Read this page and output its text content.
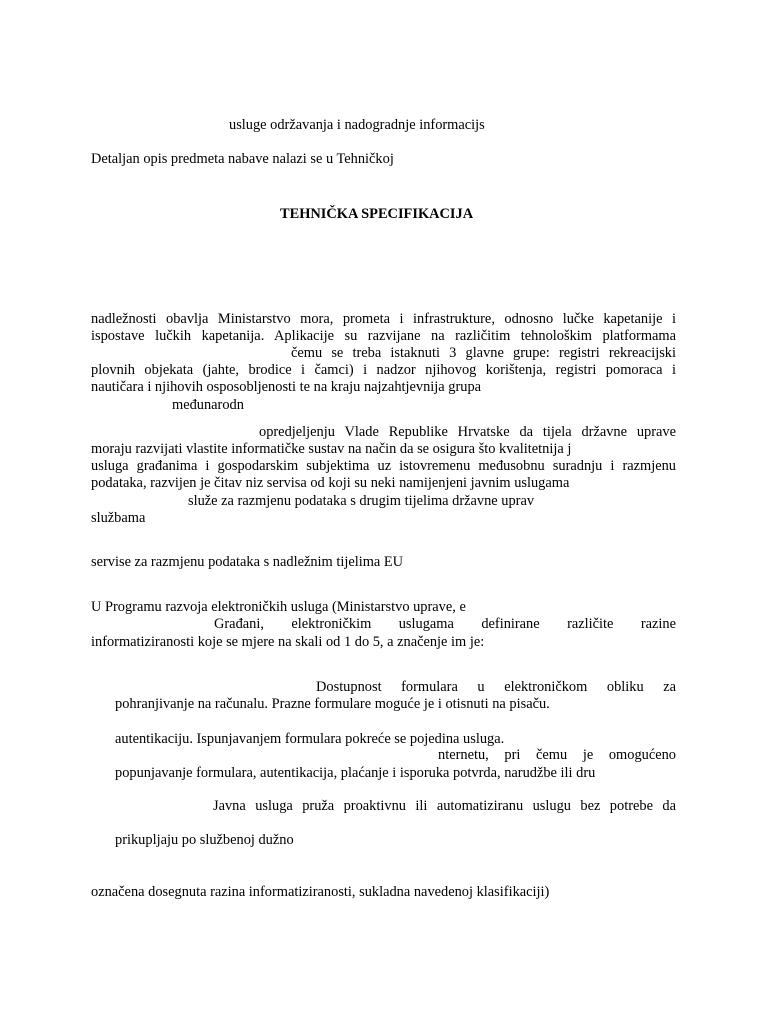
usluge održavanja i nadogradnje informacijs

Detaljan opis predmeta nabave nalazi se u Tehničkoj

TEHNIČKA SPECIFIKACIJA

nadležnosti obavlja Ministarstvo mora, prometa i infrastrukture, odnosno lučke kapetanije i

ispostave lučkih kapetanija. Aplikacije su razvijane na različitim tehnološkim platformama

čemu se treba istaknuti 3 glavne grupe: registri rekreacijski

plovnih objekata (jahte, brodice i čamci) i nadzor njihovog korištenja, registri pomoraca i

nautičara i njihovih osposobljenosti te na kraju najzahtjevnija grupa

međunarodn

opredjeljenju Vlade Republike Hrvatske da tijela državne uprave

moraju razvijati vlastite informatičke sustav na način da se osigura što kvalitetnija j

usluga građanima i gospodarskim subjektima uz istovremenu međusobnu suradnju i razmjenu

podataka, razvijen je čitav niz servisa od koji su neki namijenjeni javnim uslugama

služe za razmjenu podataka s drugim tijelima državne uprav

službama

servise za razmjenu podataka s nadležnim tijelima EU

U Programu razvoja elektroničkih usluga (Ministarstvo uprave, e

Građani, elektroničkim uslugama definirane različite razine

informatiziranosti koje se mjere na skali od 1 do 5, a značenje im je:

Dostupnost formulara u elektroničkom obliku za

pohranjivanje na računalu. Prazne formulare moguće je i otisnuti na pisaču.

autentikaciju. Ispunjavanjem formulara pokreće se pojedina usluga.

nternetu, pri čemu je omogućeno

popunjavanje formulara, autentikacija, plaćanje i isporuka potvrda, narudžbe ili dru

Javna usluga pruža proaktivnu ili automatiziranu uslugu bez potrebe da

prikupljaju po službenoj dužno

označena dosegnuta razina informatiziranosti, sukladna navedenoj klasifikaciji)
